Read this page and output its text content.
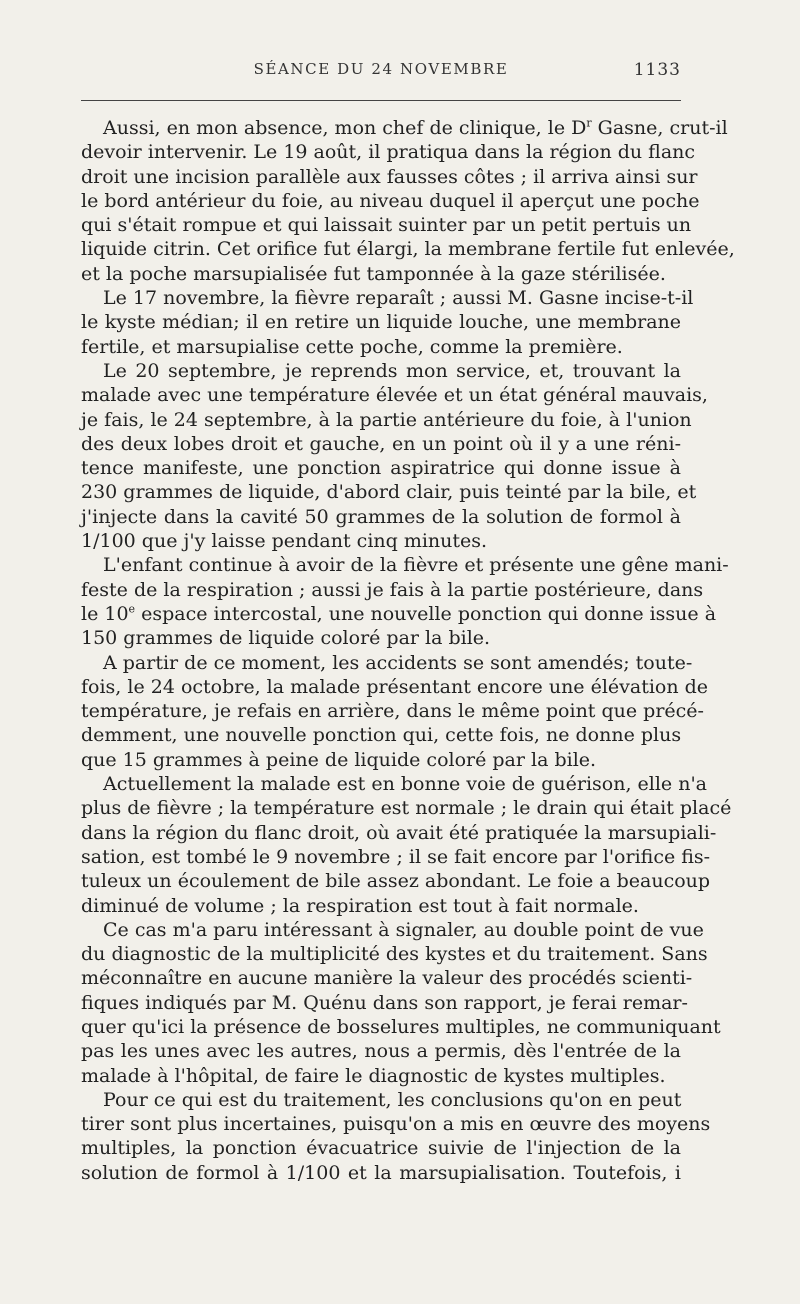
SÉANCE DU 24 NOVEMBRE	1133
Aussi, en mon absence, mon chef de clinique, le $D^r$ Gasne, crut-il
devoir intervenir. Le 19 août, il pratiqua dans la région du flanc
droit une incision parallèle aux fausses côtes ; il arriva ainsi sur
le bord antérieur du foie, au niveau duquel il aperçut une poche
qui s'était rompue et qui laissait suinter par un petit pertuis un
liquide citrin. Cet orifice fut élargi, la membrane fertile fut enlevée,
et la poche marsupialisée fut tamponnée à la gaze stérilisée.
Le 17 novembre, la fièvre reparaît ; aussi M. Gasne incise-t-il
le kyste médian; il en retire un liquide louche, une membrane
fertile, et marsupialise cette poche, comme la première.
Le 20 septembre, je reprends mon service, et, trouvant la
malade avec une température élevée et un état général mauvais,
je fais, le 24 septembre, à la partie antérieure du foie, à l'union
des deux lobes droit et gauche, en un point où il y a une réni-
tence manifeste, une ponction aspiratrice qui donne issue à
230 grammes de liquide, d'abord clair, puis teinté par la bile, et
j'injecte dans la cavité 50 grammes de la solution de formol à
1/100 que j'y laisse pendant cinq minutes.
L'enfant continue à avoir de la fièvre et présente une gêne mani-
feste de la respiration ; aussi je fais à la partie postérieure, dans
le 10e espace intercostal, une nouvelle ponction qui donne issue à
150 grammes de liquide coloré par la bile.
A partir de ce moment, les accidents se sont amendés; toute-
fois, le 24 octobre, la malade présentant encore une élévation de
température, je refais en arrière, dans le même point que précé-
demment, une nouvelle ponction qui, cette fois, ne donne plus
que 15 grammes à peine de liquide coloré par la bile.
Actuellement la malade est en bonne voie de guérison, elle n'a
plus de fièvre ; la température est normale ; le drain qui était placé
dans la région du flanc droit, où avait été pratiquée la marsupiali-
sation, est tombé le 9 novembre ; il se fait encore par l'orifice fis-
tuleux un écoulement de bile assez abondant. Le foie a beaucoup
diminué de volume ; la respiration est tout à fait normale.
Ce cas m'a paru intéressant à signaler, au double point de vue
du diagnostic de la multiplicité des kystes et du traitement. Sans
méconnaître en aucune manière la valeur des procédés scienti-
fiques indiqués par M. Quénu dans son rapport, je ferai remar-
quer qu'ici la présence de bosselures multiples, ne communiquant
pas les unes avec les autres, nous a permis, dès l'entrée de la
malade à l'hôpital, de faire le diagnostic de kystes multiples.
Pour ce qui est du traitement, les conclusions qu'on en peut
tirer sont plus incertaines, puisqu'on a mis en œuvre des moyens
multiples, la ponction évacuatrice suivie de l'injection de la
solution de formol à 1/100 et la marsupialisation. Toutefois, i
